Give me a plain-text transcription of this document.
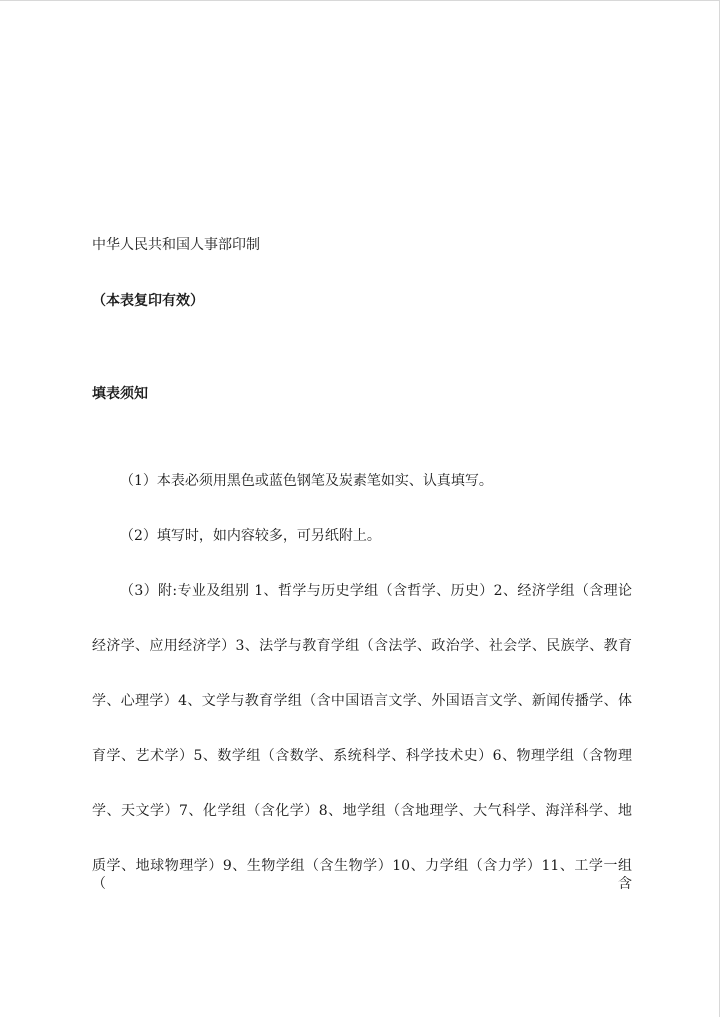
中华人民共和国人事部印制
（本表复印有效）
填表须知
（1）本表必须用黑色或蓝色钢笔及炭素笔如实、认真填写。
（2）填写时，如内容较多，可另纸附上。
（3）附:专业及组别 1、哲学与历史学组（含哲学、历史）2、经济学组（含理论
经济学、应用经济学）3、法学与教育学组（含法学、政治学、社会学、民族学、教育
学、心理学）4、文学与教育学组（含中国语言文学、外国语言文学、新闻传播学、体
育学、艺术学）5、数学组（含数学、系统科学、科学技术史）6、物理学组（含物理
学、天文学）7、化学组（含化学）8、地学组（含地理学、大气科学、海洋科学、地
质学、地球物理学）9、生物学组（含生物学）10、力学组（含力学）11、工学一组（含
